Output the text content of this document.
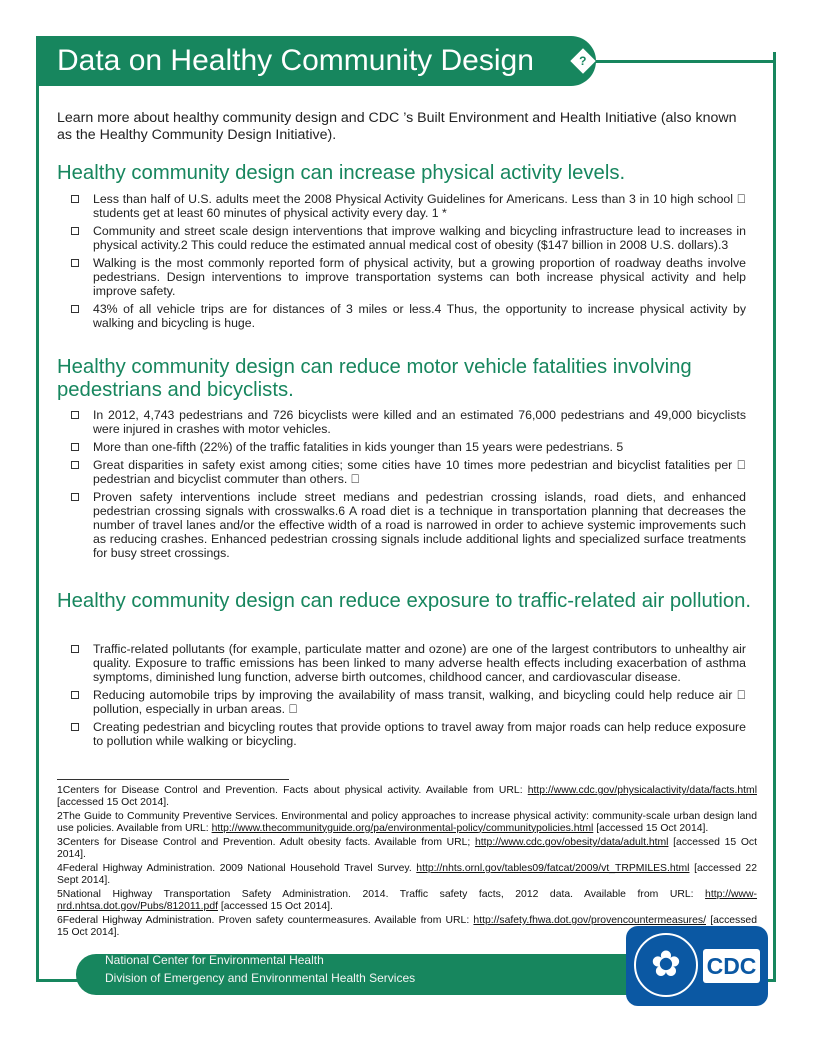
Data on Healthy Community Design	?
Learn more about healthy community design and CDC ’s Built Environment and Health Initiative (also known as the Healthy Community Design Initiative).
Healthy community design can increase physical activity levels.
Less than half of U.S. adults meet the 2008 Physical Activity Guidelines for Americans. Less than 3 in 10 high school   students get at least 60 minutes of physical activity every day. 1 *
Community and street scale design interventions that improve walking and bicycling infrastructure lead to increases in physical activity.2 This could reduce the estimated annual medical cost of obesity ($147 billion in 2008 U.S. dollars).3
Walking is the most commonly reported form of physical activity, but a growing proportion of roadway deaths involve pedestrians. Design interventions to improve transportation systems can both increase physical activity and help improve safety.
43% of all vehicle trips are for distances of 3 miles or less.4 Thus, the opportunity to increase physical activity by walking and bicycling is huge.
Healthy community design can reduce motor vehicle fatalities involving pedestrians and bicyclists.
In 2012, 4,743 pedestrians and 726 bicyclists were killed and an estimated 76,000 pedestrians and 49,000 bicyclists were injured in crashes with motor vehicles.
More than one-fifth (22%) of the traffic fatalities in kids younger than 15 years were pedestrians. 5
Great disparities in safety exist among cities; some cities have 10 times more pedestrian and bicyclist fatalities per   pedestrian and bicyclist commuter than others.  
Proven safety interventions include street medians and pedestrian crossing islands, road diets, and enhanced pedestrian crossing signals with crosswalks.6 A road diet is a technique in transportation planning that decreases the number of travel lanes and/or the effective width of a road is narrowed in order to achieve systemic improvements such as reducing crashes. Enhanced pedestrian crossing signals include additional lights and specialized surface treatments for busy street crossings.
Healthy community design can reduce exposure to traffic-related air pollution.
Traffic-related pollutants (for example, particulate matter and ozone) are one of the largest contributors to unhealthy air quality. Exposure to traffic emissions has been linked to many adverse health effects including exacerbation of asthma symptoms, diminished lung function, adverse birth outcomes, childhood cancer, and cardiovascular disease.
Reducing automobile trips by improving the availability of mass transit, walking, and bicycling could help reduce air   pollution, especially in urban areas.  
Creating pedestrian and bicycling routes that provide options to travel away from major roads can help reduce exposure to pollution while walking or bicycling.
1Centers for Disease Control and Prevention. Facts about physical activity. Available from URL: http://www.cdc.gov/physicalactivity/data/facts.html [accessed 15 Oct 2014].
2The Guide to Community Preventive Services. Environmental and policy approaches to increase physical activity: community-scale urban design land use policies. Available from URL: http://www.thecommunityguide.org/pa/environmental-policy/communitypolicies.html [accessed 15 Oct 2014].
3Centers for Disease Control and Prevention. Adult obesity facts. Available from URL; http://www.cdc.gov/obesity/data/adult.html [accessed 15 Oct 2014].
4Federal Highway Administration. 2009 National Household Travel Survey. http://nhts.ornl.gov/tables09/fatcat/2009/vt_TRPMILES.html [accessed 22 Sept 2014].
5National Highway Transportation Safety Administration. 2014. Traffic safety facts, 2012 data. Available from URL: http://www-nrd.nhtsa.dot.gov/Pubs/812011.pdf [accessed 15 Oct 2014].
6Federal Highway Administration. Proven safety countermeasures. Available from URL: http://safety.fhwa.dot.gov/provencountermeasures/ [accessed 15 Oct 2014].
National Center for Environmental Health
Division of Emergency and Environmental Health Services	✿	CDC
